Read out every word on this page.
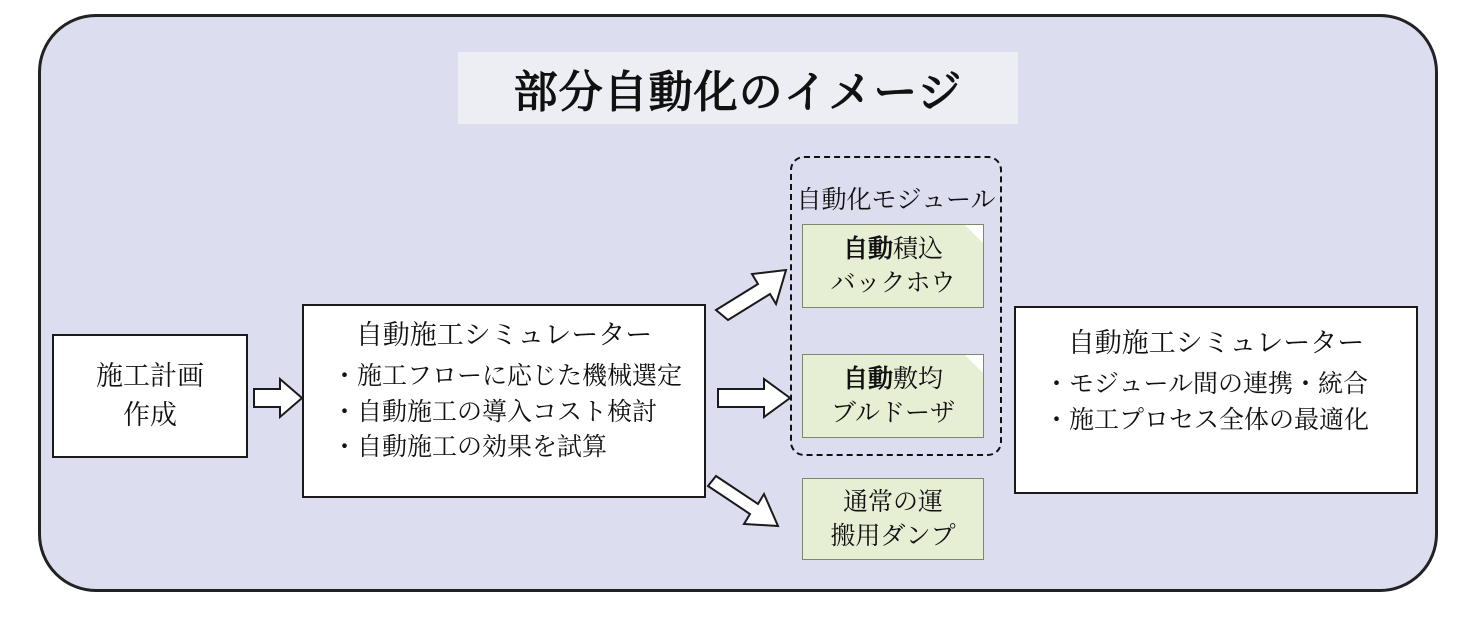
部分自動化のイメージ
施工計画
作成
自動施工シミュレーター
・施工フローに応じた機械選定
・自動施工の導入コスト検討
・自動施工の効果を試算
自動化モジュール
自動積込
バックホウ
自動敷均
ブルドーザ
通常の運
搬用ダンプ
自動施工シミュレーター
・モジュール間の連携・統合
・施工プロセス全体の最適化
